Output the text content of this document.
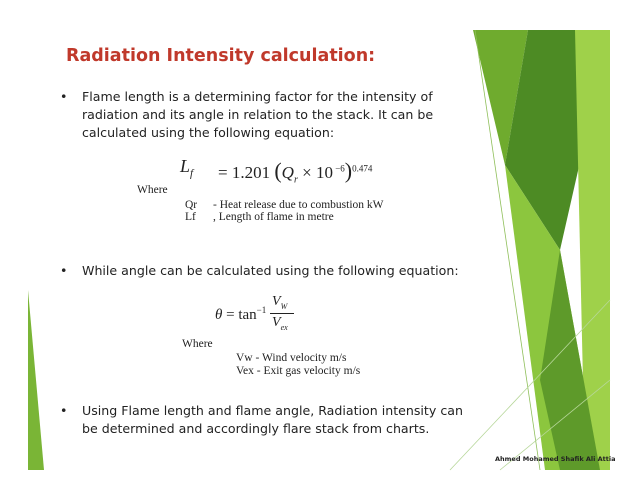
Radiation Intensity calculation:
• Flame length is a determining factor for the intensity of radiation and its angle in relation to the stack. It can be calculated using the following equation:
$L_f = 1.201$ ($Q_r \times 10$ $^{-6}$)$^{0.474}$
Where
Qr - Heat release due to combustion kW
Lf , Length of flame in metre
• While angle can be calculated using the following equation:
$\theta = \tan^{-1}$
$V_W$
$V_{ex}$
Where
Vw - Wind velocity m/s
Vex - Exit gas velocity m/s
• Using Flame length and flame angle, Radiation intensity can be determined and accordingly flare stack from charts.
Ahmed Mohamed Shafik Ali Attia
